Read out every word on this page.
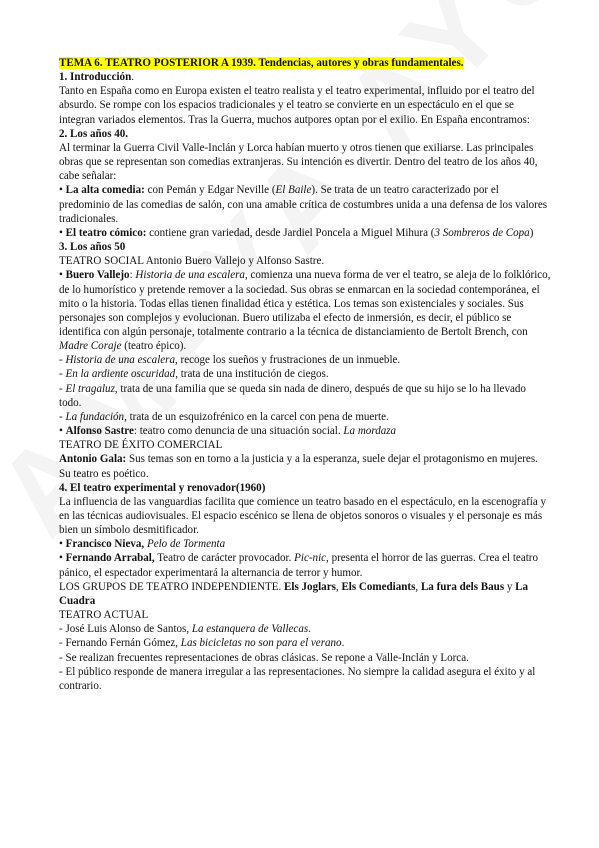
TEMA 6. TEATRO POSTERIOR A 1939. Tendencias, autores y obras fundamentales.

1. Introducción.

Tanto en España como en Europa existen el teatro realista y el teatro experimental, influido por el teatro del absurdo. Se rompe con los espacios tradicionales y el teatro se convierte en un espectáculo en el que se integran variados elementos. Tras la Guerra, muchos autpores optan por el exilio. En España encontramos:

2. Los años 40.

Al terminar la Guerra Civil Valle-Inclán y Lorca habían muerto y otros tienen que exiliarse. Las principales obras que se representan son comedias extranjeras. Su intención es divertir. Dentro del teatro de los años 40, cabe señalar:

• La alta comedia: con Pemán y Edgar Neville (El Baile). Se trata de un teatro caracterizado por el predominio de las comedias de salón, con una amable crítica de costumbres unida a una defensa de los valores tradicionales.

• El teatro cómico: contiene gran variedad, desde Jardiel Poncela a Miguel Mihura (3 Sombreros de Copa)

3. Los años 50

TEATRO SOCIAL Antonio Buero Vallejo y Alfonso Sastre.

• Buero Vallejo: Historia de una escalera, comienza una nueva forma de ver el teatro, se aleja de lo folklórico, de lo humorístico y pretende remover a la sociedad. Sus obras se enmarcan en la sociedad contemporánea, el mito o la historia. Todas ellas tienen finalidad ética y estética. Los temas son existenciales y sociales. Sus personajes son complejos y evolucionan. Buero utilizaba el efecto de inmersión, es decir, el público se identifica con algún personaje, totalmente contrario a la técnica de distanciamiento de Bertolt Brench, con Madre Coraje (teatro épico).

- Historia de una escalera, recoge los sueños y frustraciones de un inmueble.

- En la ardiente oscuridad, trata de una institución de ciegos.

- El tragaluz, trata de una familia que se queda sin nada de dinero, después de que su hijo se lo ha llevado todo.

- La fundación, trata de un esquizofrénico en la carcel con pena de muerte.

• Alfonso Sastre: teatro como denuncia de una situación social. La mordaza

TEATRO DE ÉXITO COMERCIAL

Antonio Gala: Sus temas son en torno a la justicia y a la esperanza, suele dejar el protagonismo en mujeres. Su teatro es poético.

4. El teatro experimental y renovador(1960)

La influencia de las vanguardias facilita que comience un teatro basado en el espectáculo, en la escenografía y en las técnicas audiovisuales. El espacio escénico se llena de objetos sonoros o visuales y el personaje es más bien un símbolo desmitificador.

• Francisco Nieva, Pelo de Tormenta

• Fernando Arrabal, Teatro de carácter provocador. Pic-nic, presenta el horror de las guerras. Crea el teatro pánico, el espectador experimentará la alternancia de terror y humor.

LOS GRUPOS DE TEATRO INDEPENDIENTE. Els Joglars, Els Comediants, La fura dels Baus y La Cuadra

TEATRO ACTUAL

- José Luis Alonso de Santos, La estanquera de Vallecas.

- Fernando Fernán Gómez, Las bicicletas no son para el verano.

- Se realizan frecuentes representaciones de obras clásicas. Se repone a Valle-Inclán y Lorca.

- El público responde de manera irregular a las representaciones. No siempre la calidad asegura el éxito y al contrario.
